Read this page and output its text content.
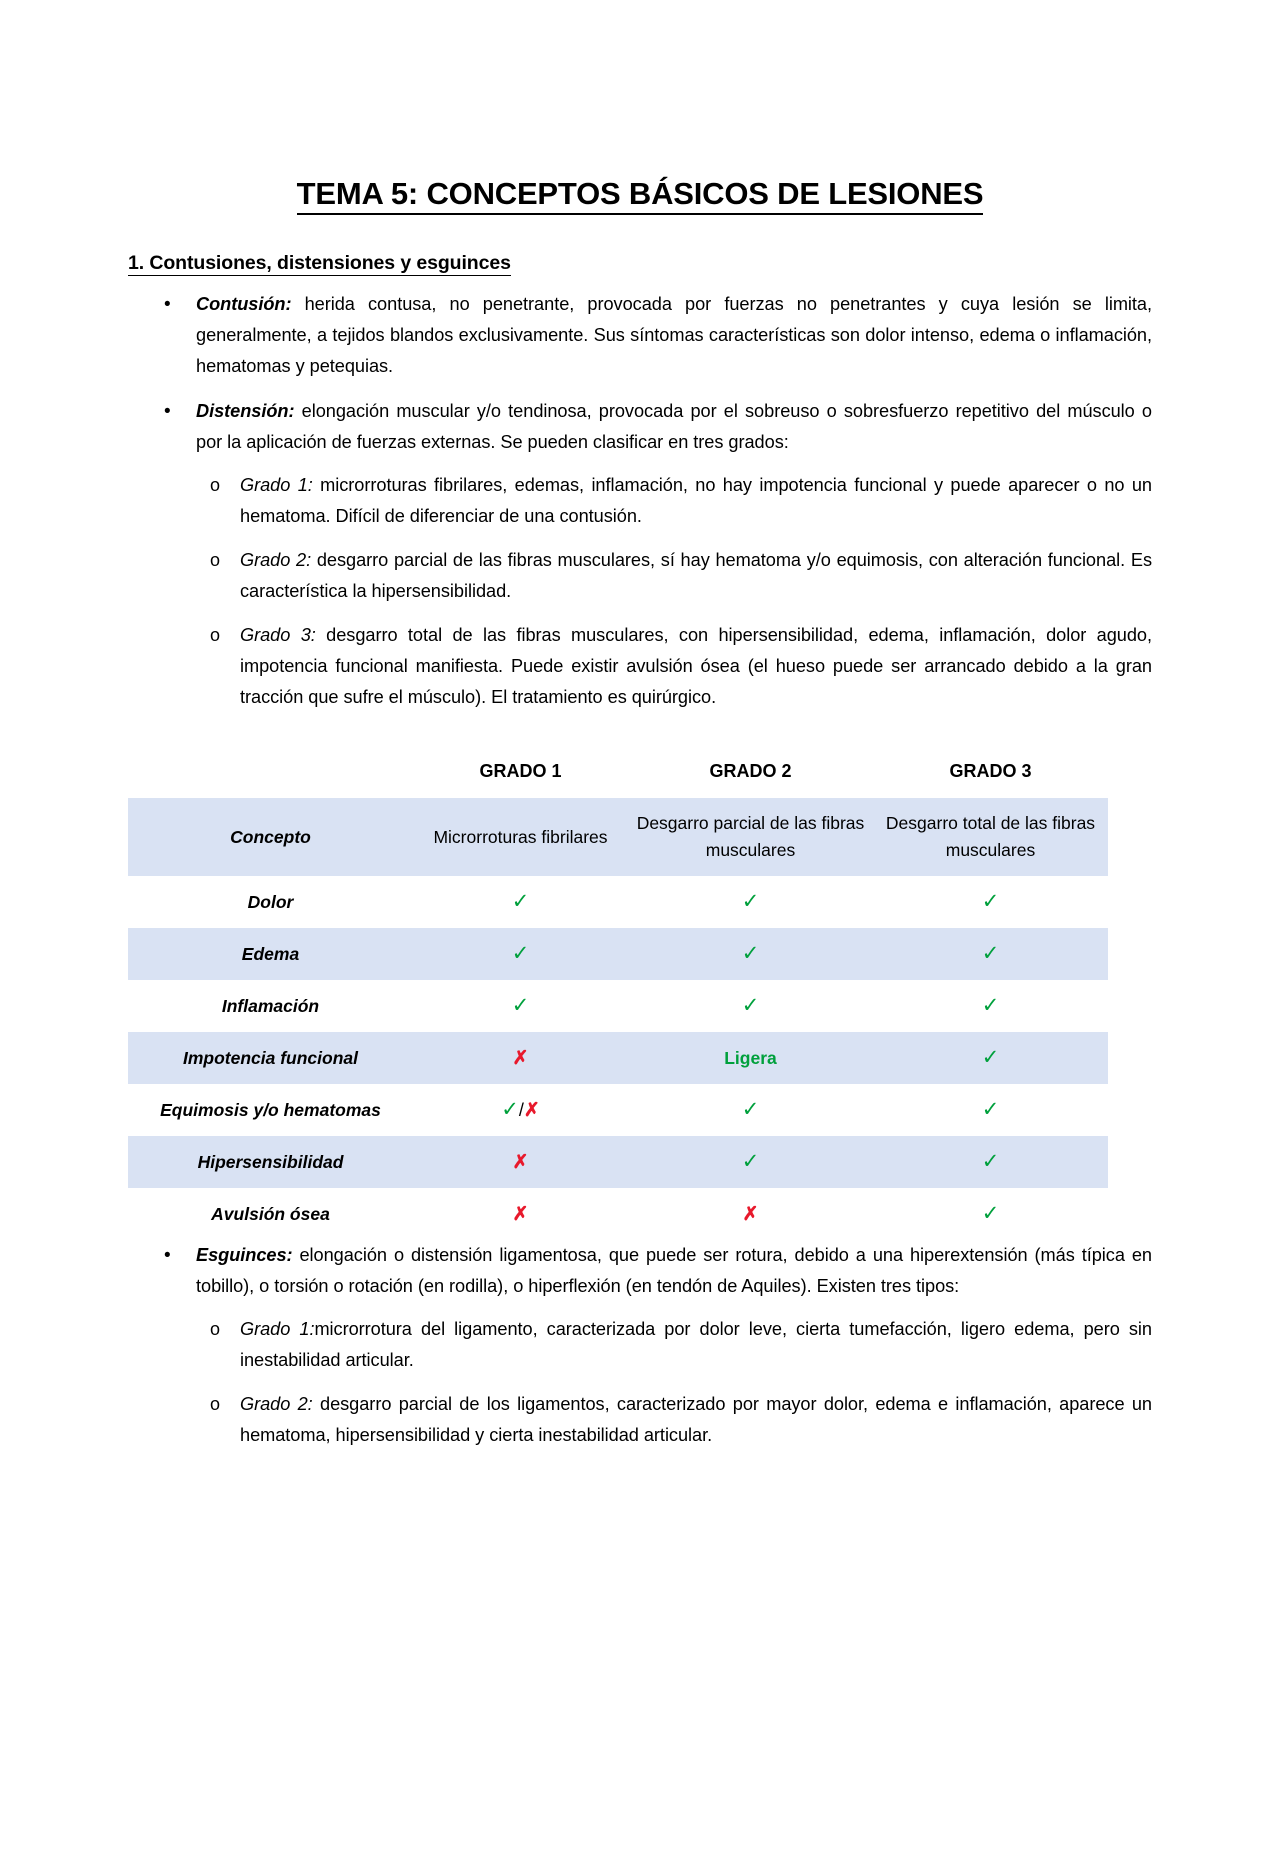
TEMA 5: CONCEPTOS BÁSICOS DE LESIONES
1. Contusiones, distensiones y esguinces
• Contusión: herida contusa, no penetrante, provocada por fuerzas no penetrantes y cuya lesión se limita, generalmente, a tejidos blandos exclusivamente. Sus síntomas características son dolor intenso, edema o inflamación, hematomas y petequias.
• Distensión: elongación muscular y/o tendinosa, provocada por el sobreuso o sobresfuerzo repetitivo del músculo o por la aplicación de fuerzas externas. Se pueden clasificar en tres grados:
o Grado 1: microrroturas fibrilares, edemas, inflamación, no hay impotencia funcional y puede aparecer o no un hematoma. Difícil de diferenciar de una contusión.
o Grado 2: desgarro parcial de las fibras musculares, sí hay hematoma y/o equimosis, con alteración funcional. Es característica la hipersensibilidad.
o Grado 3: desgarro total de las fibras musculares, con hipersensibilidad, edema, inflamación, dolor agudo, impotencia funcional manifiesta. Puede existir avulsión ósea (el hueso puede ser arrancado debido a la gran tracción que sufre el músculo). El tratamiento es quirúrgico.
	GRADO 1	GRADO 2	GRADO 3
Concepto	Microrroturas fibrilares	Desgarro parcial de las fibras musculares	Desgarro total de las fibras musculares
Dolor	✓	✓	✓
Edema	✓	✓	✓
Inflamación	✓	✓	✓
Impotencia funcional	✗	Ligera	✓
Equimosis y/o hematomas	✓/✗	✓	✓
Hipersensibilidad	✗	✓	✓
Avulsión ósea	✗	✗	✓
• Esguinces: elongación o distensión ligamentosa, que puede ser rotura, debido a una hiperextensión (más típica en tobillo), o torsión o rotación (en rodilla), o hiperflexión (en tendón de Aquiles). Existen tres tipos:
o Grado 1:microrrotura del ligamento, caracterizada por dolor leve, cierta tumefacción, ligero edema, pero sin inestabilidad articular.
o Grado 2: desgarro parcial de los ligamentos, caracterizado por mayor dolor, edema e inflamación, aparece un hematoma, hipersensibilidad y cierta inestabilidad articular.
